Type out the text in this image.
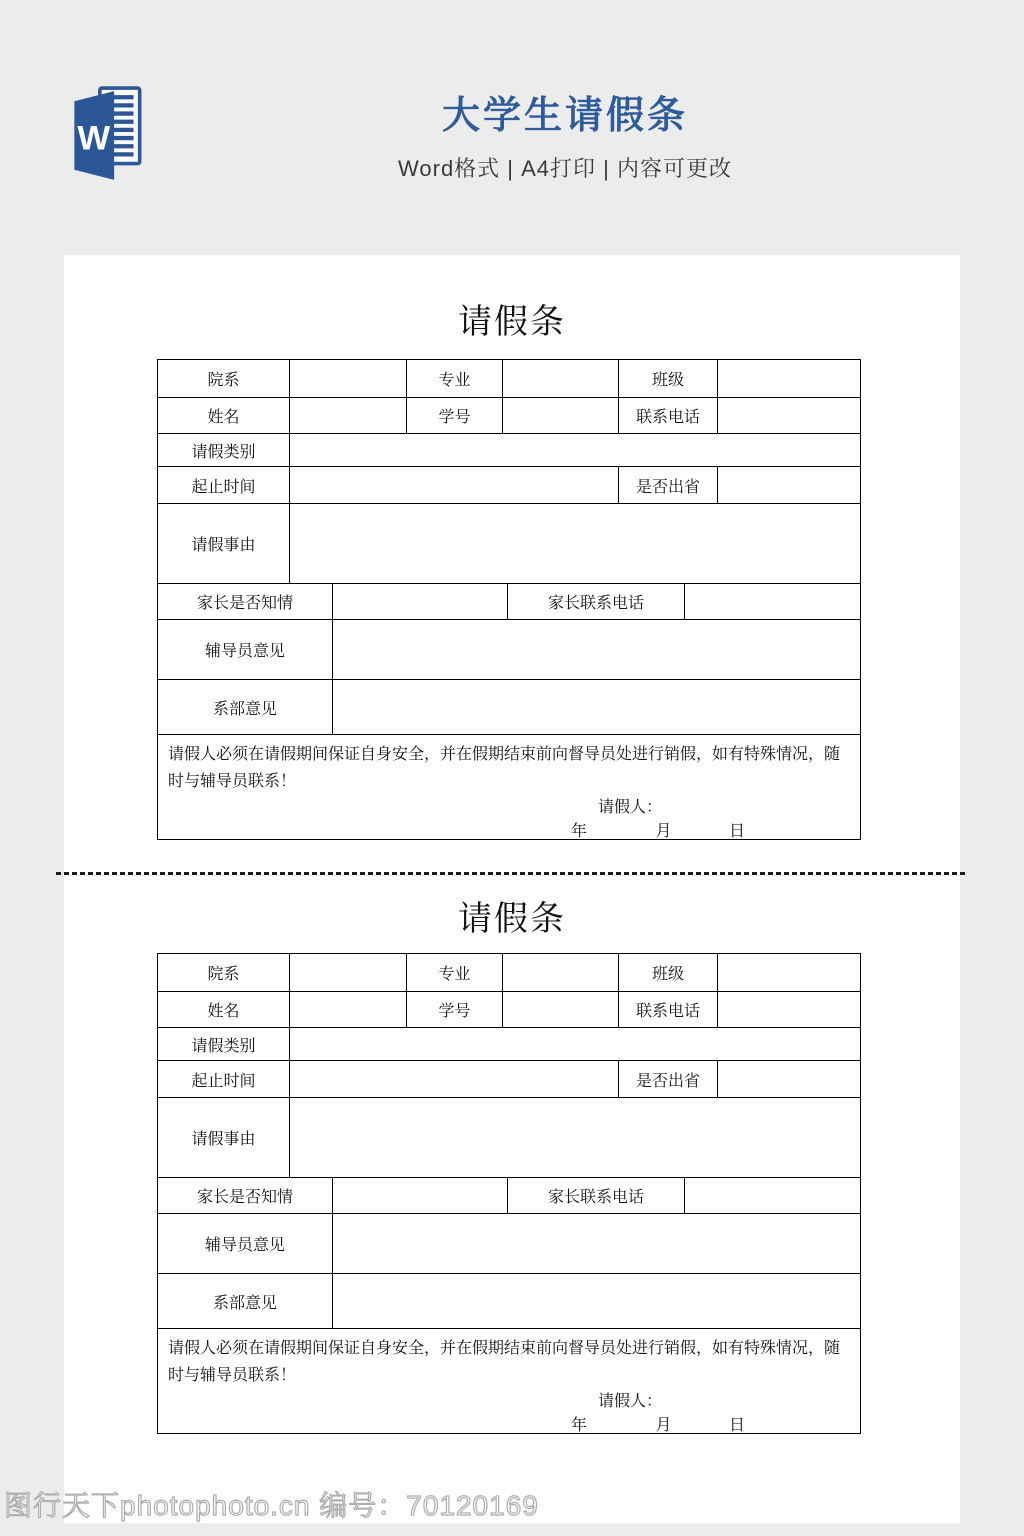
W
大学生请假条
Word格式 | A4打印 | 内容可更改
请假条
院系	专业	班级
姓名	学号	联系电话
请假类别
起止时间	是否出省
请假事由
家长是否知情	家长联系电话
辅导员意见
系部意见
请假人必须在请假期间保证自身安全，并在假期结束前向督导员处进行销假，如有特殊情况，随时与辅导员联系！
请假人：
年	月	日
请假条
院系	专业	班级
姓名	学号	联系电话
请假类别
起止时间	是否出省
请假事由
家长是否知情	家长联系电话
辅导员意见
系部意见
请假人必须在请假期间保证自身安全，并在假期结束前向督导员处进行销假，如有特殊情况，随时与辅导员联系！
请假人：
年	月	日
图行天下photophoto.cn 编号：70120169
